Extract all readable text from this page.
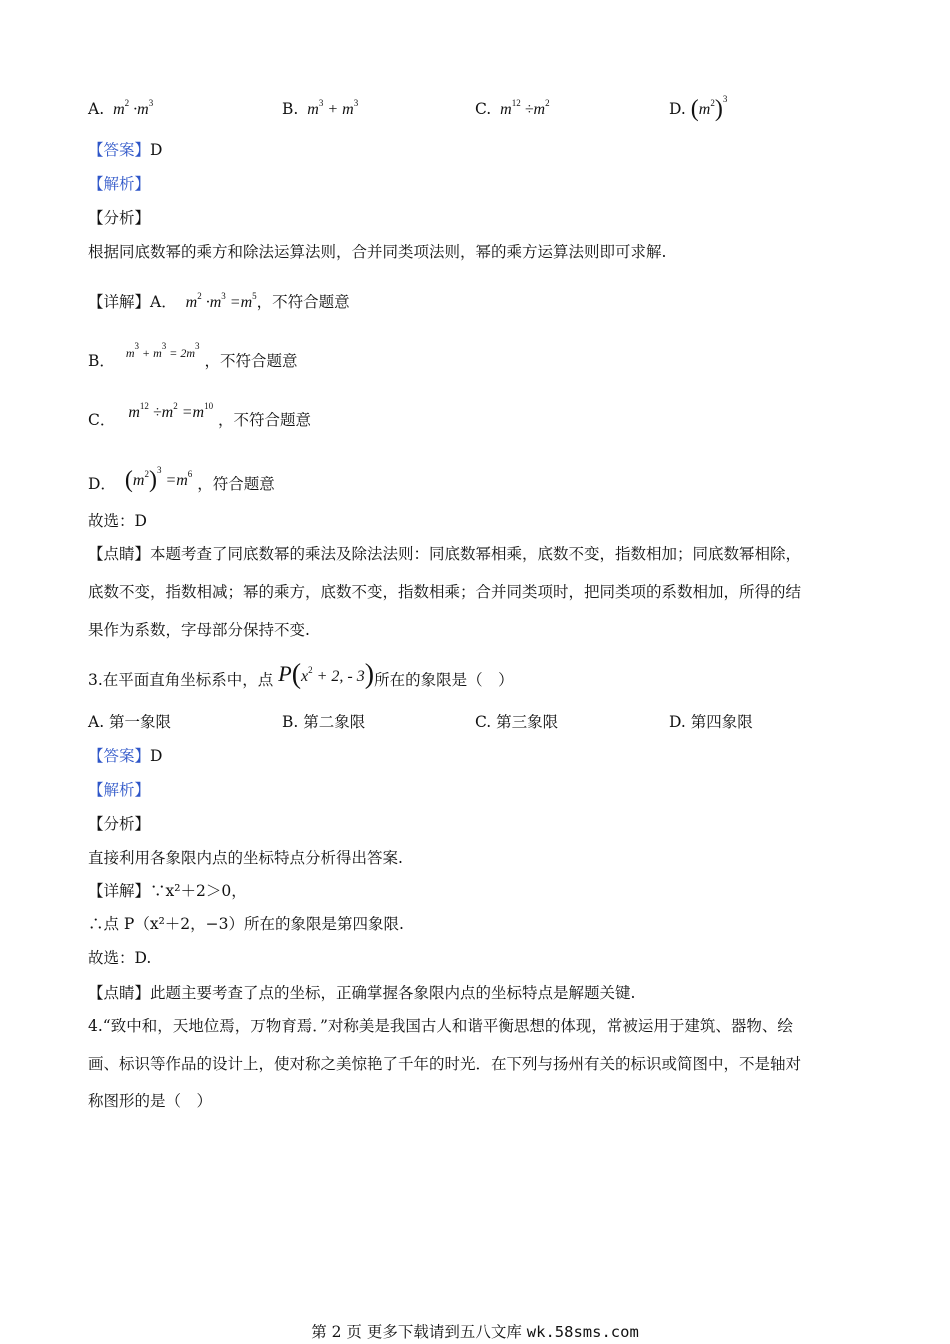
A. $m^2 \cdot m^3$	B. $m^3 + m^3$	C. $m^{12} \div m^2$	D. $(m^2)^3$
【答案】D
【解析】
【分析】
根据同底数幂的乘方和除法运算法则，合并同类项法则，幂的乘方运算法则即可求解.
【详解】A． $m^2 \cdot m^3 =m^5$，不符合题意
B． $^{m^3 + m^3 = 2m^3}$ ，不符合题意
C． $m^{12} \div m^2 =m^{10}$ ，不符合题意
D． $(m^2)^3 =m^6$ ，符合题意
故选：D
【点睛】本题考查了同底数幂的乘法及除法法则：同底数幂相乘，底数不变，指数相加；同底数幂相除，
底数不变，指数相减；幂的乘方，底数不变，指数相乘；合并同类项时，把同类项的系数相加，所得的结
果作为系数，字母部分保持不变.
3.在平面直角坐标系中，点 $P(x^2 + 2$, - 3)所在的象限是（　）
A. 第一象限	B. 第二象限	C. 第三象限	D. 第四象限
【答案】D
【解析】
【分析】
直接利用各象限内点的坐标特点分析得出答案.
【详解】∵x²＋2＞0，
∴点 P（x²＋2，−3）所在的象限是第四象限.
故选：D.
【点睛】此题主要考查了点的坐标，正确掌握各象限内点的坐标特点是解题关键.
4.“致中和，天地位焉，万物育焉．”对称美是我国古人和谐平衡思想的体现，常被运用于建筑、器物、绘
画、标识等作品的设计上，使对称之美惊艳了千年的时光．在下列与扬州有关的标识或简图中，不是轴对
称图形的是（　）
第 2 页 更多下载请到五八文库 wk.58sms.com
